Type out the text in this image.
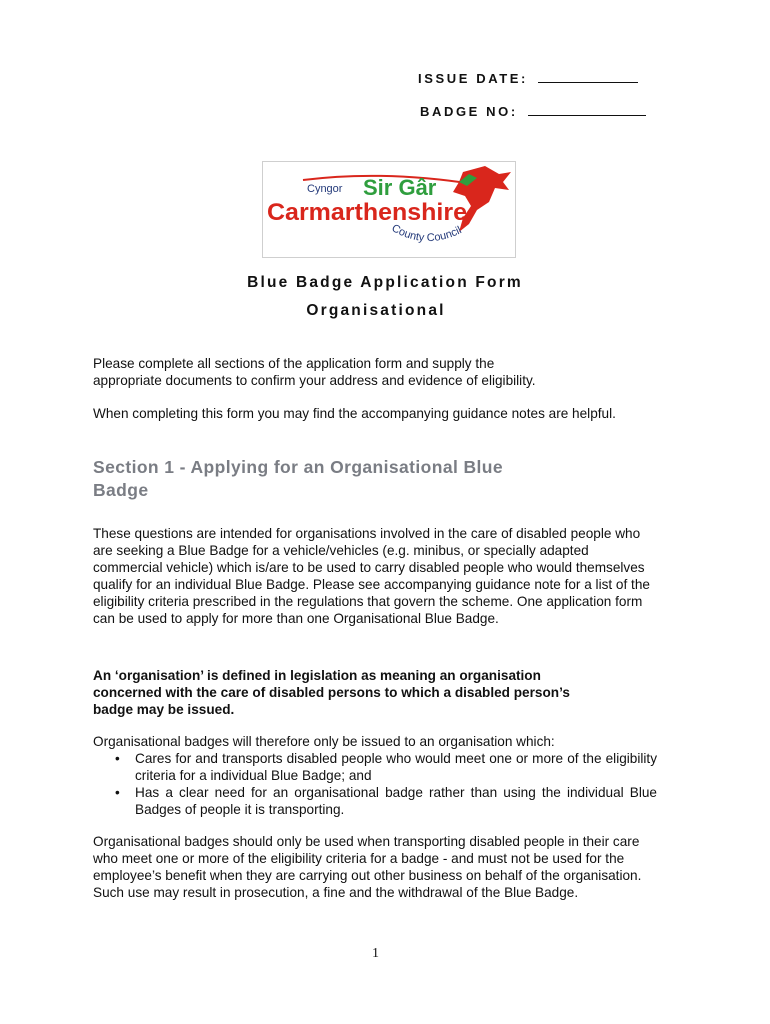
ISSUE DATE:
BADGE NO:
Cyngor Sir Gâr
Carmarthenshire
County Council
Blue Badge Application Form
Organisational
Please complete all sections of the application form and supply the appropriate documents to confirm your address and evidence of eligibility.
When completing this form you may find the accompanying guidance notes are helpful.
Section 1 - Applying for an Organisational Blue Badge
These questions are intended for organisations involved in the care of disabled people who are seeking a Blue Badge for a vehicle/vehicles (e.g. minibus, or specially adapted commercial vehicle) which is/are to be used to carry disabled people who would themselves qualify for an individual Blue Badge. Please see accompanying guidance note for a list of the eligibility criteria prescribed in the regulations that govern the scheme. One application form can be used to apply for more than one Organisational Blue Badge.
An ‘organisation’ is defined in legislation as meaning an organisation concerned with the care of disabled persons to which a disabled person’s badge may be issued.
Organisational badges will therefore only be issued to an organisation which:
• Cares for and transports disabled people who would meet one or more of the eligibility criteria for a individual Blue Badge; and
• Has a clear need for an organisational badge rather than using the individual Blue Badges of people it is transporting.
Organisational badges should only be used when transporting disabled people in their care who meet one or more of the eligibility criteria for a badge - and must not be used for the employee’s benefit when they are carrying out other business on behalf of the organisation. Such use may result in prosecution, a fine and the withdrawal of the Blue Badge.
1
